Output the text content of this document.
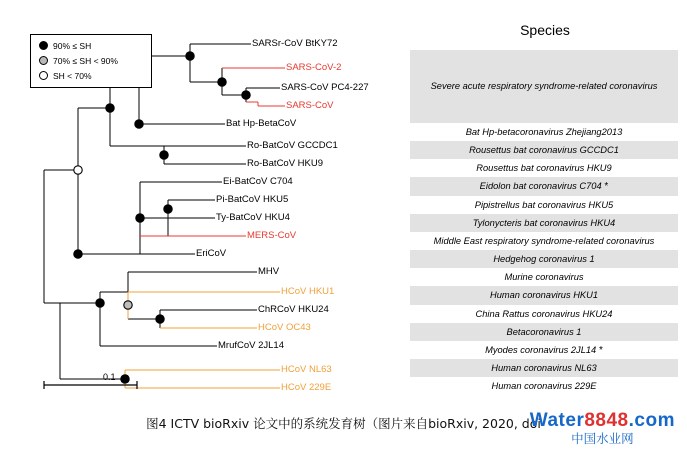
90% ≤ SH
70% ≤ SH < 90%
SH < 70%
SARSr-CoV BtKY72
SARS-CoV-2
SARS-CoV PC4-227
SARS-CoV
Bat Hp-BetaCoV
Ro-BatCoV GCCDC1
Ro-BatCoV HKU9
Ei-BatCoV C704
Pi-BatCoV HKU5
Ty-BatCoV HKU4
MERS-CoV
EriCoV
MHV
HCoV HKU1
ChRCoV HKU24
HCoV OC43
MrufCoV 2JL14
HCoV NL63
HCoV 229E
0.1
Species
Severe acute respiratory syndrome-related coronavirus
Bat Hp-betacoronavirus Zhejiang2013
Rousettus bat coronavirus GCCDC1
Rousettus bat coronavirus HKU9
Eidolon bat coronavirus C704 *
Pipistrellus bat coronavirus HKU5
Tylonycteris bat coronavirus HKU4
Middle East respiratory syndrome-related coronavirus
Hedgehog coronavirus 1
Murine coronavirus
Human coronavirus HKU1
China Rattus coronavirus HKU24
Betacoronavirus 1
Myodes coronavirus 2JL14 *
Human coronavirus NL63
Human coronavirus 229E
图4 ICTV bioRxiv 论文中的系统发育树（图片来自bioRxiv, 2020, doi
Water8848.com
中国水业网
